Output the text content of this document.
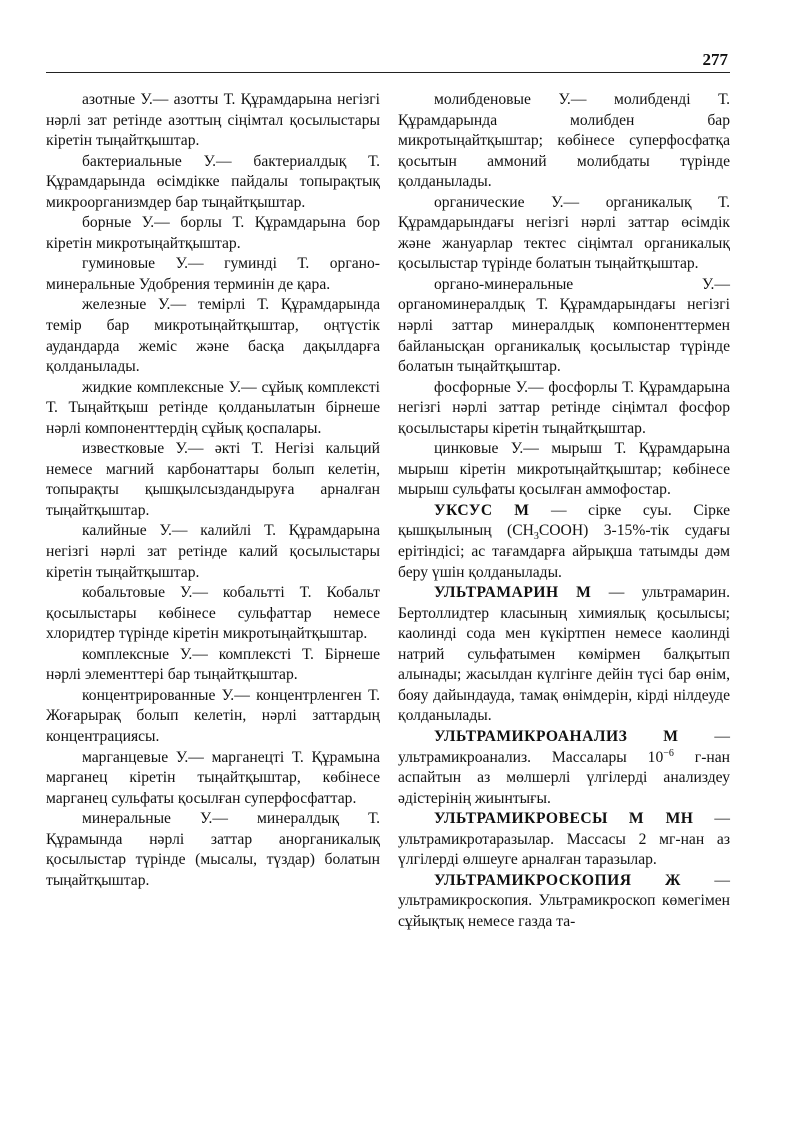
277

азотные У.— азотты Т. Құрамдарына негізгі нәрлі зат ретінде азоттың сіңімтал қосылыстары кіретін тыңайтқыштар.

бактериальные У.— бактериалдық Т. Құрамдарында өсімдікке пайдалы топырақтық микроорганизмдер бар тыңайтқыштар.

борные У.— борлы Т. Құрамдарына бор кіретін микротыңайтқыштар.

гуминовые У.— гуминді Т. органо-минеральные Удобрения терминін де қара.

железные У.— темірлі Т. Құрамдарында темір бар микротыңайтқыштар, оңтүстік аудандарда жеміс және басқа дақылдарға қолданылады.

жидкие комплексные У.— сұйық комплексті Т. Тыңайтқыш ретінде қолданылатын бірнеше нәрлі компоненттердің сұйық қоспалары.

известковые У.— әкті Т. Негізі кальций немесе магний карбонаттары болып келетін, топырақты қышқылсыздандыруға арналған тыңайтқыштар.

калийные У.— калийлі Т. Құрамдарына негізгі нәрлі зат ретінде калий қосылыстары кіретін тыңайтқыштар.

кобальтовые У.— кобальтті Т. Кобальт қосылыстары көбінесе сульфаттар немесе хлоридтер түрінде кіретін микротыңайтқыштар.

комплексные У.— комплексті Т. Бірнеше нәрлі элементтері бар тыңайтқыштар.

концентрированные У.— концентрленген Т. Жоғарырақ болып келетін, нәрлі заттардың концентрациясы.

марганцевые У.— марганецті Т. Құрамына марганец кіретін тыңайтқыштар, көбінесе марганец сульфаты қосылған суперфосфаттар.

минеральные У.— минералдық Т. Құрамында нәрлі заттар анорганикалық қосылыстар түрінде (мысалы, түздар) болатын тыңайтқыштар.

молибденовые У.— молибденді Т. Құрамдарында молибден бар микротыңайтқыштар; көбінесе суперфосфатқа қосытын аммоний молибдаты түрінде қолданылады.

органические У.— органикалық Т. Құрамдарындағы негізгі нәрлі заттар өсімдік және жануарлар тектес сіңімтал органикалық қосылыстар түрінде болатын тыңайтқыштар.

органо-минеральные У.— органоминералдық Т. Құрамдарындағы негізгі нәрлі заттар минералдық компоненттермен байланысқан органикалық қосылыстар түрінде болатын тыңайтқыштар.

фосфорные У.— фосфорлы Т. Құрамдарына негізгі нәрлі заттар ретінде сіңімтал фосфор қосылыстары кіретін тыңайтқыштар.

цинковые У.— мырыш Т. Құрамдарына мырыш кіретін микротыңайтқыштар; көбінесе мырыш сульфаты қосылған аммофостар.

УКСУС М — сірке суы. Сірке қышқылының $(CH_3COOH)$ 3-15%-тік судағы ерітіндісі; ас тағамдарға айрықша татымды дәм беру үшін қолданылады.

УЛЬТРАМАРИН М — ультрамарин. Бертоллидтер класының химиялық қосылысы; каолинді сода мен күкіртпен немесе каолинді натрий сульфатымен көмірмен балқытып алынады; жасылдан күлгінге дейін түсі бар өнім, бояу дайындауда, тамақ өнімдерін, кірді нілдеуде қолданылады.

УЛЬТРАМИКРОАНАЛИЗ М — ультрамикроанализ. Массалары $10^{-6}$ г-нан аспайтын аз мөлшерлі үлгілерді анализдеу әдістерінің жиынтығы.

УЛЬТРАМИКРОВЕСЫ М МН — ультрамикротаразылар. Массасы 2 мг-нан аз үлгілерді өлшеуге арналған таразылар.

УЛЬТРАМИКРОСКОПИЯ Ж — ультрамикроскопия. Ультрамикроскоп көмегімен сұйықтық немесе газда та-
